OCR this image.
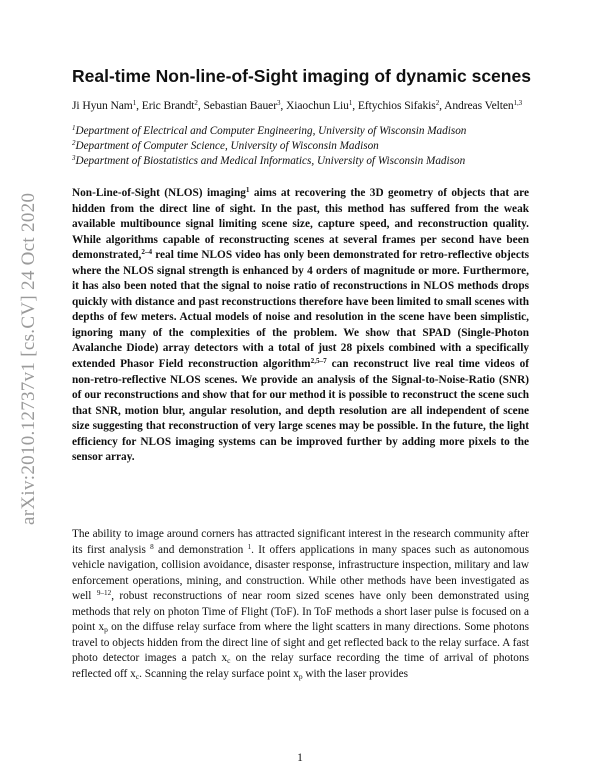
arXiv:2010.12737v1 [cs.CV] 24 Oct 2020
Real-time Non-line-of-Sight imaging of dynamic scenes
Ji Hyun Nam$^1$, Eric Brandt$^2$, Sebastian Bauer$^3$, Xiaochun Liu$^1$, Eftychios Sifakis$^2$, Andreas Velten$^{1,3}$
$^1$Department of Electrical and Computer Engineering, University of Wisconsin Madison
$^2$Department of Computer Science, University of Wisconsin Madison
$^3$Department of Biostatistics and Medical Informatics, University of Wisconsin Madison

Non-Line-of-Sight (NLOS) imaging$^1$ aims at recovering the 3D geometry of objects that are hidden from the direct line of sight. In the past, this method has suffered from the weak available multibounce signal limiting scene size, capture speed, and reconstruction quality. While algorithms capable of reconstructing scenes at several frames per second have been demonstrated,$^{2-4}$ real time NLOS video has only been demonstrated for retro-reflective objects where the NLOS signal strength is enhanced by 4 orders of magnitude or more. Furthermore, it has also been noted that the signal to noise ratio of reconstructions in NLOS methods drops quickly with distance and past reconstructions therefore have been limited to small scenes with depths of few meters. Actual models of noise and resolution in the scene have been simplistic, ignoring many of the complexities of the problem. We show that SPAD (Single-Photon Avalanche Diode) array detectors with a total of just 28 pixels combined with a specifically extended Phasor Field reconstruction algorithm$^{2,5-7}$ can reconstruct live real time videos of non-retro-reflective NLOS scenes. We provide an analysis of the Signal-to-Noise-Ratio (SNR) of our reconstructions and show that for our method it is possible to reconstruct the scene such that SNR, motion blur, angular resolution, and depth resolution are all independent of scene size suggesting that reconstruction of very large scenes may be possible. In the future, the light efficiency for NLOS imaging systems can be improved further by adding more pixels to the sensor array.

The ability to image around corners has attracted significant interest in the research community after its first analysis $^8$ and demonstration $^1$. It offers applications in many spaces such as autonomous vehicle navigation, collision avoidance, disaster response, infrastructure inspection, military and law enforcement operations, mining, and construction. While other methods have been investigated as well $^{9-12}$, robust reconstructions of near room sized scenes have only been demonstrated using methods that rely on photon Time of Flight (ToF). In ToF methods a short laser pulse is focused on a point $x_p$ on the diffuse relay surface from where the light scatters in many directions. Some photons travel to objects hidden from the direct line of sight and get reflected back to the relay surface. A fast photo detector images a patch $x_c$ on the relay surface recording the time of arrival of photons reflected off $x_c$. Scanning the relay surface point $x_p$ with the laser provides

1
